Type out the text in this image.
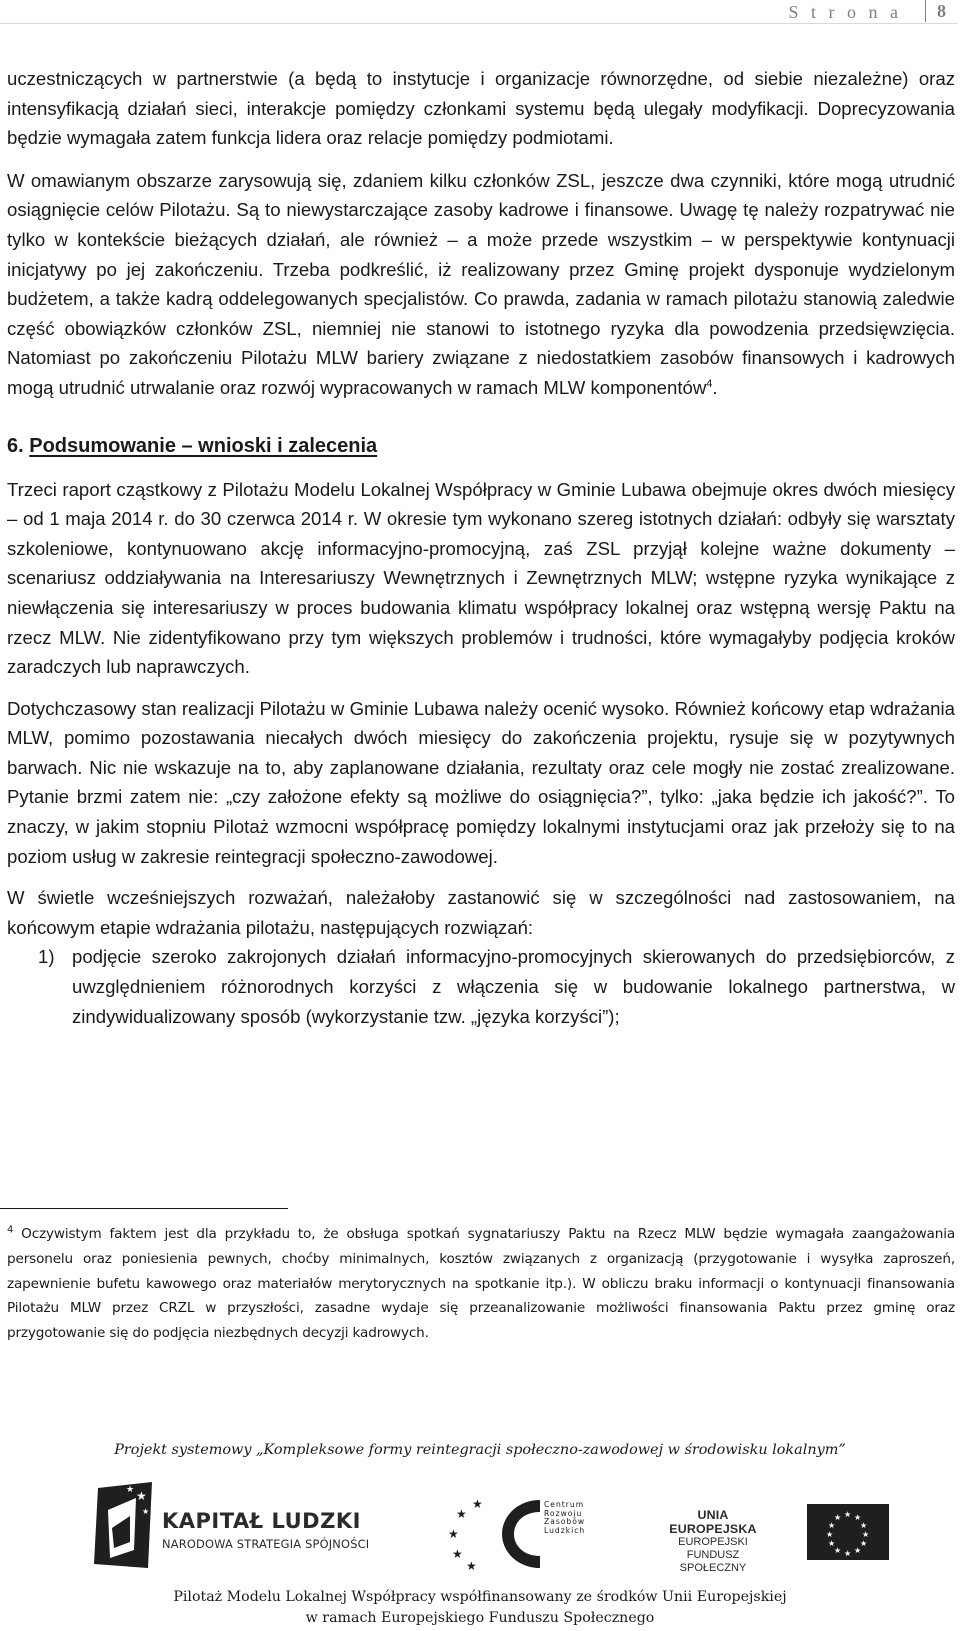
S t r o n a 8

uczestniczących w partnerstwie (a będą to instytucje i organizacje równorzędne, od siebie niezależne) oraz intensyfikacją działań sieci, interakcje pomiędzy członkami systemu będą ulegały modyfikacji. Doprecyzowania będzie wymagała zatem funkcja lidera oraz relacje pomiędzy podmiotami.

W omawianym obszarze zarysowują się, zdaniem kilku członków ZSL, jeszcze dwa czynniki, które mogą utrudnić osiągnięcie celów Pilotażu. Są to niewystarczające zasoby kadrowe i finansowe. Uwagę tę należy rozpatrywać nie tylko w kontekście bieżących działań, ale również – a może przede wszystkim – w perspektywie kontynuacji inicjatywy po jej zakończeniu. Trzeba podkreślić, iż realizowany przez Gminę projekt dysponuje wydzielonym budżetem, a także kadrą oddelegowanych specjalistów. Co prawda, zadania w ramach pilotażu stanowią zaledwie część obowiązków członków ZSL, niemniej nie stanowi to istotnego ryzyka dla powodzenia przedsięwzięcia. Natomiast po zakończeniu Pilotażu MLW bariery związane z niedostatkiem zasobów finansowych i kadrowych mogą utrudnić utrwalanie oraz rozwój wypracowanych w ramach MLW komponentów$^4$.

6. Podsumowanie – wnioski i zalecenia

Trzeci raport cząstkowy z Pilotażu Modelu Lokalnej Współpracy w Gminie Lubawa obejmuje okres dwóch miesięcy – od 1 maja 2014 r. do 30 czerwca 2014 r. W okresie tym wykonano szereg istotnych działań: odbyły się warsztaty szkoleniowe, kontynuowano akcję informacyjno-promocyjną, zaś ZSL przyjął kolejne ważne dokumenty – scenariusz oddziaływania na Interesariuszy Wewnętrznych i Zewnętrznych MLW; wstępne ryzyka wynikające z niewłączenia się interesariuszy w proces budowania klimatu współpracy lokalnej oraz wstępną wersję Paktu na rzecz MLW. Nie zidentyfikowano przy tym większych problemów i trudności, które wymagałyby podjęcia kroków zaradczych lub naprawczych.

Dotychczasowy stan realizacji Pilotażu w Gminie Lubawa należy ocenić wysoko. Również końcowy etap wdrażania MLW, pomimo pozostawania niecałych dwóch miesięcy do zakończenia projektu, rysuje się w pozytywnych barwach. Nic nie wskazuje na to, aby zaplanowane działania, rezultaty oraz cele mogły nie zostać zrealizowane. Pytanie brzmi zatem nie: „czy założone efekty są możliwe do osiągnięcia?”, tylko: „jaka będzie ich jakość?”. To znaczy, w jakim stopniu Pilotaż wzmocni współpracę pomiędzy lokalnymi instytucjami oraz jak przełoży się to na poziom usług w zakresie reintegracji społeczno-zawodowej.

W świetle wcześniejszych rozważań, należałoby zastanowić się w szczególności nad zastosowaniem, na końcowym etapie wdrażania pilotażu, następujących rozwiązań:

1) podjęcie szeroko zakrojonych działań informacyjno-promocyjnych skierowanych do przedsiębiorców, z uwzględnieniem różnorodnych korzyści z włączenia się w budowanie lokalnego partnerstwa, w zindywidualizowany sposób (wykorzystanie tzw. „języka korzyści”);
$^4$ Oczywistym faktem jest dla przykładu to, że obsługa spotkań sygnatariuszy Paktu na Rzecz MLW będzie wymagała zaangażowania personelu oraz poniesienia pewnych, choćby minimalnych, kosztów związanych z organizacją (przygotowanie i wysyłka zaproszeń, zapewnienie bufetu kawowego oraz materiałów merytorycznych na spotkanie itp.). W obliczu braku informacji o kontynuacji finansowania Pilotażu MLW przez CRZL w przyszłości, zasadne wydaje się przeanalizowanie możliwości finansowania Paktu przez gminę oraz przygotowanie się do podjęcia niezbędnych decyzji kadrowych.
Projekt systemowy „Kompleksowe formy reintegracji społeczno-zawodowej w środowisku lokalnym”
★
★
★ KAPITAŁ LUDZKI
NARODOWA STRATEGIA SPÓJNOŚCI
★
★
★
★
★
Centrum
Rozwoju
Zasobów
Ludzkich
★ ★
★
★
★
★
★
★
★
★
★
★
UNIA EUROPEJSKA
EUROPEJSKI
FUNDUSZ SPOŁECZNY
Pilotaż Modelu Lokalnej Współpracy współfinansowany ze środków Unii Europejskiej
w ramach Europejskiego Funduszu Społecznego
